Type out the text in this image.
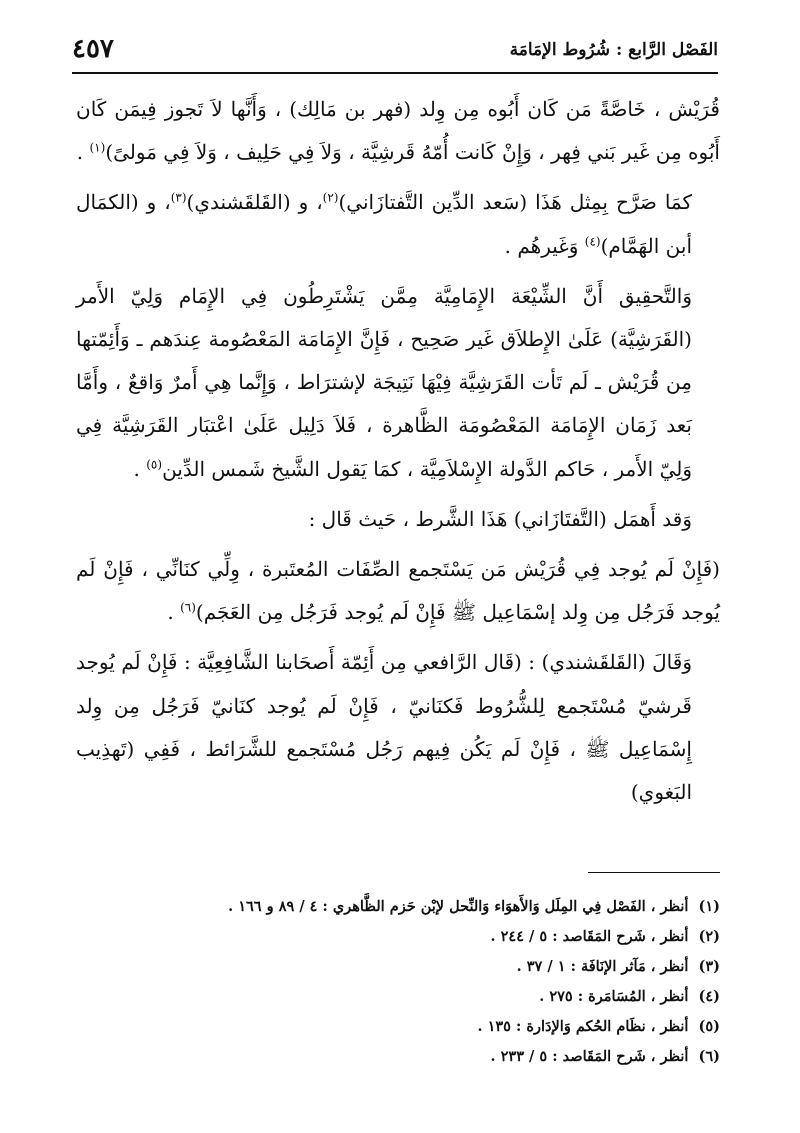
الفَصْل الرَّابع : شُرُوط الإمَامَة
٤٥٧

قُرَيْش ، خَاصَّةً مَن كَان أَبُوه مِن وِلد (فهر بن مَالِك) ، وَأَنَّها لاَ تَجوز فِيمَن كَان أَبُوه مِن غَير بَني فِهر ، وَإِنْ كَانت أُمّهُ قَرشِيَّة ، وَلاَ فِي حَلِيف ، وَلاَ فِي مَولىً)$^{(١)}$ .

كمَا صَرَّح بِمِثل هَذَا (سَعد الدِّين التَّفتازَاني)$^{(٢)}$، و (القَلقَشندي)$^{(٣)}$، و (الكمَال أبن الهَمَّام)$^{(٤)}$ وَغَيرهُم .

وَالتَّحقِيق أَنَّ الشِّيْعَة الإِمَامِيَّة مِمَّن يَشْتَرِطُون فِي الإِمَام وَلِيّ الأَمر (القَرَشِيَّة) عَلَىٰ الإِطلاَق غَير صَحِيح ، فَإِنَّ الإِمَامَة المَعْصُومة عِندَهم ـ وَأَئِمّتها مِن قُرَيْش ـ لَم تَأت القَرَشِيَّة فِيْهَا نَتِيجَة لإشترَاط ، وَإِنَّما هِي أَمرٌ وَاقعٌ ، وأَمَّا بَعد زَمَان الإِمَامَة المَعْصُومَة الظَّاهرة ، فَلاَ دَلِيل عَلَىٰ اعْتبَار القَرَشِيَّة فِي وَلِيّ الأَمر ، حَاكم الدَّولة الإِسْلاَمِيَّة ، كمَا يَقول الشَّيخ شَمس الدِّين$^{(٥)}$ .

وَقد أَهمَل (التَّفتَازَاني) هَذَا الشَّرط ، حَيث قَال :

(فَإِنْ لَم يُوجد فِي قُرَيْش مَن يَسْتَجمع الصِّفَات المُعتَبرة ، وِلِّي كنَانِّي ، فَإِنْ لَم يُوجد فَرَجُل مِن وِلد إسْمَاعِيل ﷺ فَإِنْ لَم يُوجد فَرَجُل مِن العَجَم)$^{(٦)}$ .

وَقَالَ (القَلقَشندي) : (قَال الرَّافعي مِن أَئِمّة أَصحَابنا الشَّافِعِيَّة : فَإِنْ لَم يُوجد قَرشيّ مُسْتَجمع لِلشُّرُوط فَكنَانيّ ، فَإِنْ لَم يُوجد كنَانيّ فَرَجُل مِن وِلد إِسْمَاعِيل ﷺ ، فَإِنْ لَم يَكُن فِيهم رَجُل مُسْتَجمع للشَّرَائط ، فَفِي (تَهذِيب البَغوي)

(١)أنظر ، الفَصْل فِي المِلَل وَالأَهوَاء وَالنِّحل لإبْن حَزم الظَّاهري : ٤ / ٨٩ و ١٦٦ .
(٢)أنظر ، شَرح المَقَاصد : ٥ / ٢٤٤ .
(٣)أنظر ، مَآثر الإنَافَة : ١ / ٣٧ .
(٤)أنظر ، المُسَامَرة : ٢٧٥ .
(٥)أنظر ، نظَام الحُكم وَالإدَارة : ١٣٥ .
(٦)أنظر ، شَرح المَقَاصد : ٥ / ٢٣٣ .
